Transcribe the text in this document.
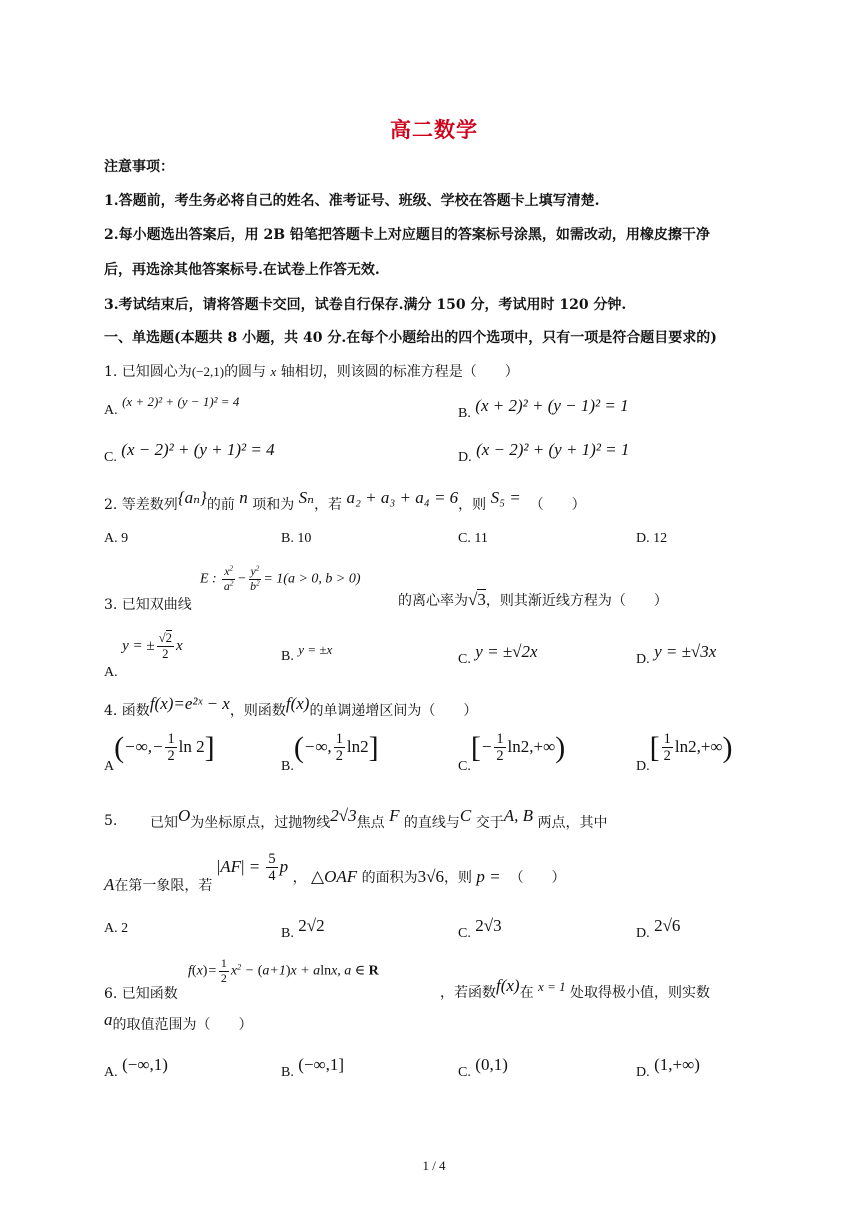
高二数学
注意事项：
1.答题前，考生务必将自己的姓名、准考证号、班级、学校在答题卡上填写清楚.
2.每小题选出答案后，用 2B 铅笔把答题卡上对应题目的答案标号涂黑，如需改动，用橡皮擦干净
后，再选涂其他答案标号.在试卷上作答无效.
3.考试结束后，请将答题卡交回，试卷自行保存.满分 150 分，考试用时 120 分钟.
一、单选题(本题共 8 小题，共 40 分.在每个小题给出的四个选项中，只有一项是符合题目要求的)
1. 已知圆心为(−2,1)的圆与 x 轴相切，则该圆的标准方程是（　　）
A. (x + 2)² + (y − 1)² = 4
B. (x + 2)² + (y − 1)² = 1
C. (x − 2)² + (y + 1)² = 4	D. (x − 2)² + (y + 1)² = 1
2. 等差数列{aₙ}的前 n 项和为 Sₙ，若 a₂ + a₃ + a₄ = 6，则 S₅ = （　　）
A. 9	B. 10	C. 11	D. 12
3. 已知双曲线
E : $\frac{x^2}{a^2} - \frac{y^2}{b^2} = 1(a > 0$, b > 0)
的离心率为√3，则其渐近线方程为（　　）
A. y = ± $\frac{√2}{2}$ x
B. y = ±x
C. y = ±√2x	D. y = ±√3x
4. 函数f(x)=e²ˣ − x，则函数f(x)的单调递增区间为（　　）
$A(-\infty,- \frac{1}{2}$ ln 2]
B.(−∞, $\frac{1}{2} \ln 2$]
$C.[- \frac{1}{2} \ln 2,+\infty)$
$D.[ \frac{1}{2} \ln 2,+\infty)$
5. 已知O为坐标原点，过抛物线2√3焦点 F 的直线与C 交于A, B 两点，其中
A在第一象限，若 $|AF| = \frac{5}{4}$ p ， △OAF 的面积为3√6，则 p = （　　）
A. 2	B. 2√2	C. 2√3	D. 2√6
6. 已知函数
$f(x)= \frac{1}{2} x^2 - (a+1)x + alnx$, a ∈ R
，若函数f(x)在 x = 1 处取得极小值，则实数
a的取值范围为（　　）
A. (−∞,1)	B. (−∞,1]	C. (0,1)	D. (1,+∞)
1 / 4
